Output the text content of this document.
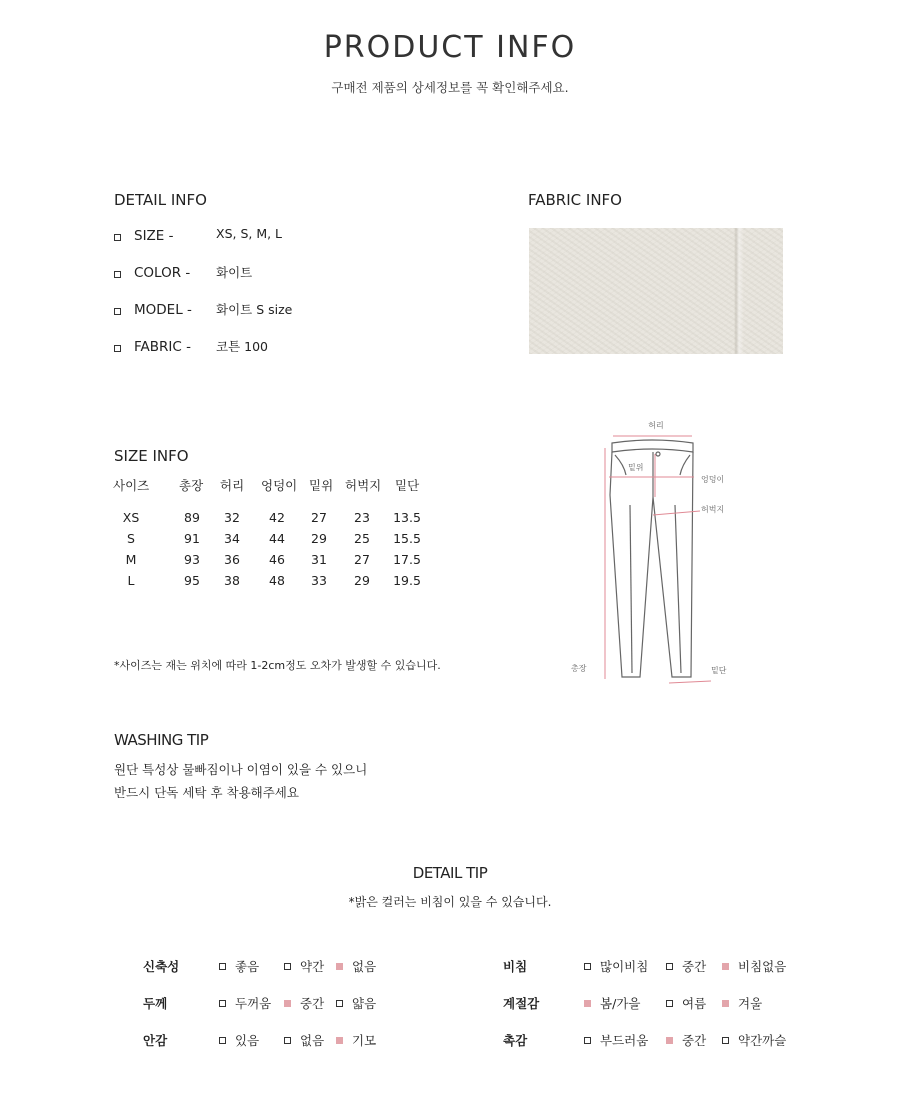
PRODUCT INFO
구매전 제품의 상세정보를 꼭 확인해주세요.
DETAIL INFO
SIZE -	XS, S, M, L
COLOR - 화이트
MODEL - 화이트 S size
FABRIC - 코튼 100
FABRIC INFO
SIZE INFO
사이즈 총장 허리 엉덩이 밑위 허벅지 밑단
XS	89	32	42	27	23	13.5
S	91	34	44	29	25	15.5
M	93	36	46	31	27	17.5
L	95	38	48	33	29	19.5
*사이즈는 재는 위치에 따라 1-2cm정도 오차가 발생할 수 있습니다.
허리
밑위
엉덩이
허벅지
총장	밑단
WASHING TIP
원단 특성상 물빠짐이나 이염이 있을 수 있으니
반드시 단독 세탁 후 착용해주세요
DETAIL TIP
*밝은 컬러는 비침이 있을 수 있습니다.
신축성	좋음	약간 없음
두께	두꺼움 중간 얇음
안감	있음	없음 기모
비침	많이비침	중간	비침없음
계절감	봄/가을	여름	겨울
촉감	부드러움	중간	약간까슬
